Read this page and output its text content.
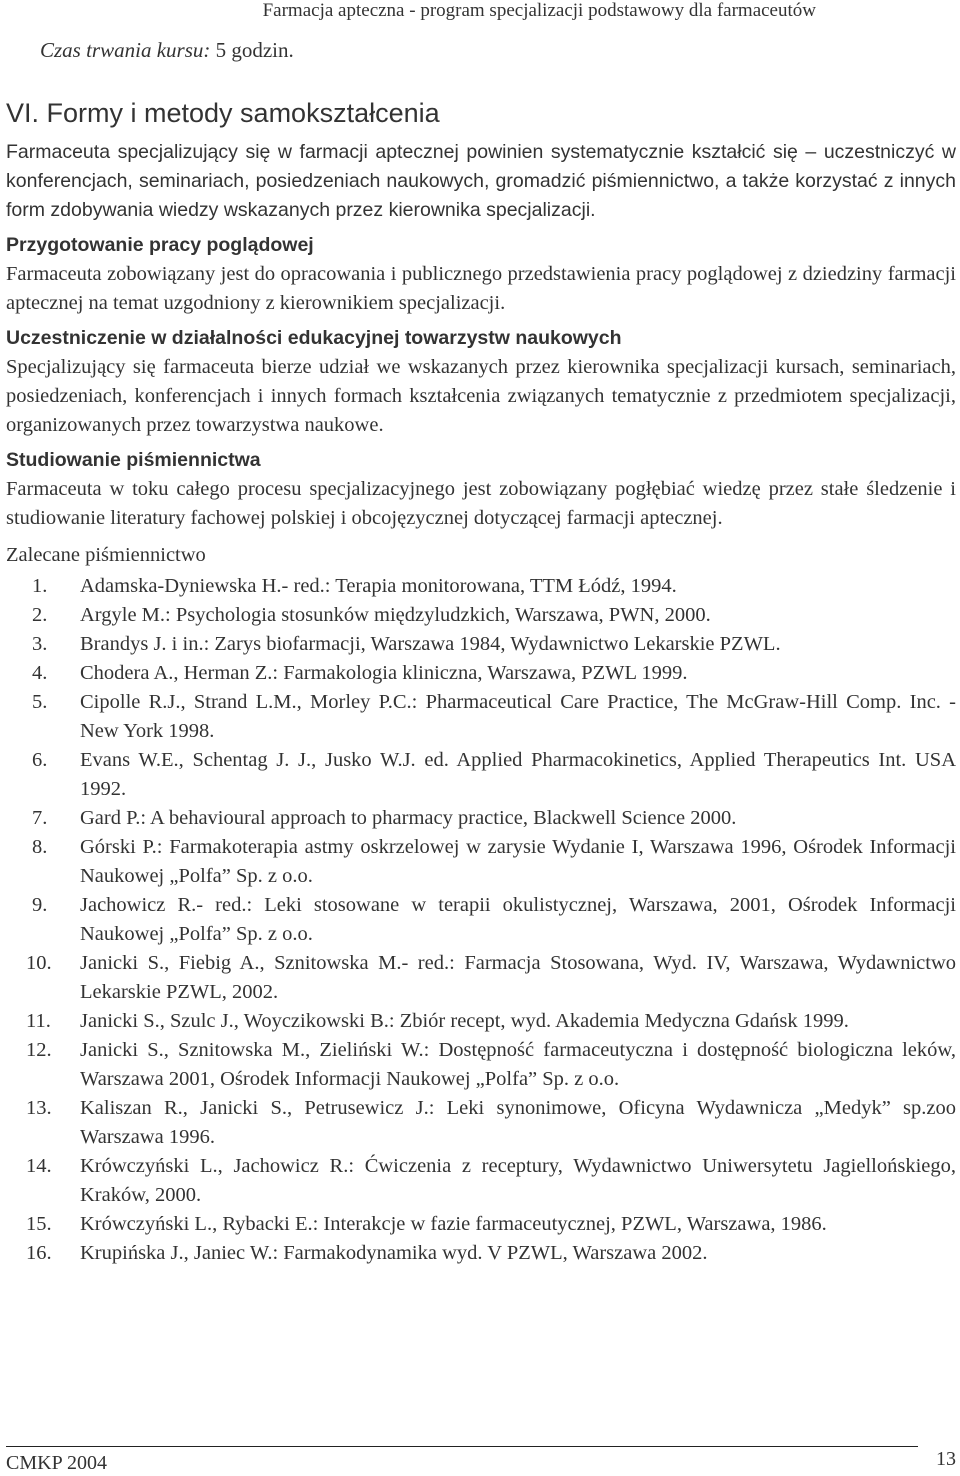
Farmacja apteczna - program specjalizacji podstawowy dla farmaceutów
Czas trwania kursu: 5 godzin.
VI. Formy i metody samokształcenia

Farmaceuta specjalizujący się w farmacji aptecznej powinien systematycznie kształcić się – uczestniczyć w konferencjach, seminariach, posiedzeniach naukowych, gromadzić piśmiennictwo, a także korzystać z innych form zdobywania wiedzy wskazanych przez kierownika specjalizacji.

Przygotowanie pracy poglądowej

Farmaceuta zobowiązany jest do opracowania i publicznego przedstawienia pracy poglądowej z dziedziny farmacji aptecznej na temat uzgodniony z kierownikiem specjalizacji.

Uczestniczenie w działalności edukacyjnej towarzystw naukowych

Specjalizujący się farmaceuta bierze udział we wskazanych przez kierownika specjalizacji kursach, seminariach, posiedzeniach, konferencjach i innych formach kształcenia związanych tematycznie z przedmiotem specjalizacji, organizowanych przez towarzystwa naukowe.

Studiowanie piśmiennictwa

Farmaceuta w toku całego procesu specjalizacyjnego jest zobowiązany pogłębiać wiedzę przez stałe śledzenie i studiowanie literatury fachowej polskiej i obcojęzycznej dotyczącej farmacji aptecznej.

Zalecane piśmiennictwo

1. Adamska-Dyniewska H.- red.: Terapia monitorowana, TTM Łódź, 1994.
2. Argyle M.: Psychologia stosunków międzyludzkich, Warszawa, PWN, 2000.
3. Brandys J. i in.: Zarys biofarmacji, Warszawa 1984, Wydawnictwo Lekarskie PZWL.
4. Chodera A., Herman Z.: Farmakologia kliniczna, Warszawa, PZWL 1999.
5. Cipolle R.J., Strand L.M., Morley P.C.: Pharmaceutical Care Practice, The McGraw-Hill Comp. Inc. - New York 1998.
6. Evans W.E., Schentag J. J., Jusko W.J. ed. Applied Pharmacokinetics, Applied Therapeutics Int. USA 1992.
7. Gard P.: A behavioural approach to pharmacy practice, Blackwell Science 2000.
8. Górski P.: Farmakoterapia astmy oskrzelowej w zarysie Wydanie I, Warszawa 1996, Ośrodek Informacji Naukowej „Polfa” Sp. z o.o.
9. Jachowicz R.- red.: Leki stosowane w terapii okulistycznej, Warszawa, 2001, Ośrodek Informacji Naukowej „Polfa” Sp. z o.o.
10. Janicki S., Fiebig A., Sznitowska M.- red.: Farmacja Stosowana, Wyd. IV, Warszawa, Wydawnictwo Lekarskie PZWL, 2002.
11. Janicki S., Szulc J., Woyczikowski B.: Zbiór recept, wyd. Akademia Medyczna Gdańsk 1999.
12. Janicki S., Sznitowska M., Zieliński W.: Dostępność farmaceutyczna i dostępność biologiczna leków, Warszawa 2001, Ośrodek Informacji Naukowej „Polfa” Sp. z o.o.
13. Kaliszan R., Janicki S., Petrusewicz J.: Leki synonimowe, Oficyna Wydawnicza „Medyk” sp.zoo Warszawa 1996.
14. Krówczyński L., Jachowicz R.: Ćwiczenia z receptury, Wydawnictwo Uniwersytetu Jagiellońskiego, Kraków, 2000.
15. Krówczyński L., Rybacki E.: Interakcje w fazie farmaceutycznej, PZWL, Warszawa, 1986.
16. Krupińska J., Janiec W.: Farmakodynamika wyd. V PZWL, Warszawa 2002.
CMKP 2004	13
